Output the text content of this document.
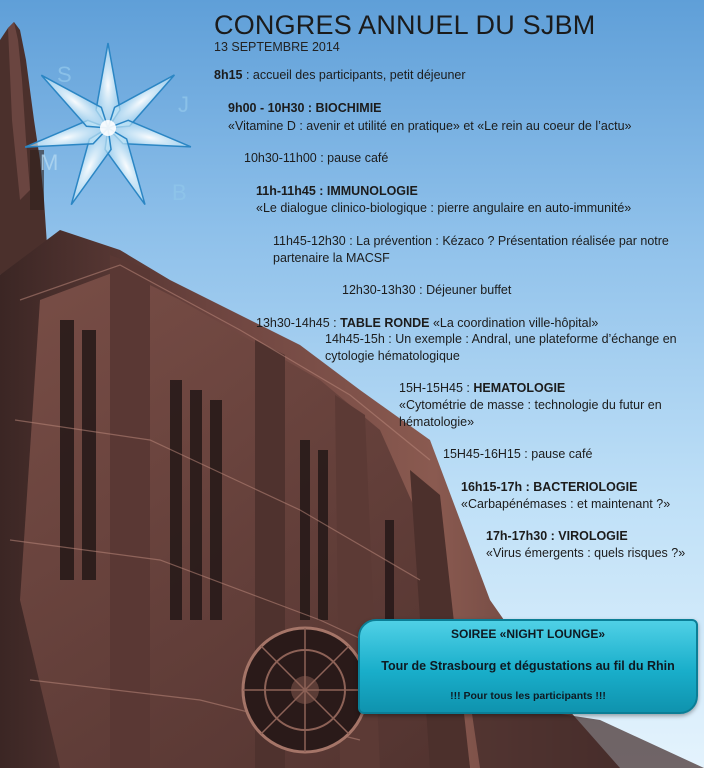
S
J
M
B
CONGRES ANNUEL DU SJBM
13 SEPTEMBRE 2014
8h15 : accueil des participants, petit déjeuner
9h00 - 10H30 : BIOCHIMIE
«Vitamine D : avenir et utilité en pratique» et «Le rein au coeur de l’actu»
10h30-11h00 : pause café
11h-11h45 : IMMUNOLOGIE
«Le dialogue clinico-biologique : pierre angulaire en auto-immunité»
11h45-12h30 : La prévention : Kézaco ? Présentation réalisée par notre partenaire la MACSF
12h30-13h30 : Déjeuner buffet
13h30-14h45 : TABLE RONDE «La coordination ville-hôpital»
14h45-15h : Un exemple : Andral, une plateforme d’échange en cytologie hématologique
15H-15H45 : HEMATOLOGIE
«Cytométrie de masse : technologie du futur en hématologie»
15H45-16H15 : pause café
16h15-17h : BACTERIOLOGIE
«Carbapénémases : et maintenant ?»
17h-17h30 : VIROLOGIE
«Virus émergents : quels risques ?»
SOIREE «NIGHT LOUNGE»
Tour de Strasbourg et dégustations au fil du Rhin
!!! Pour tous les participants !!!
